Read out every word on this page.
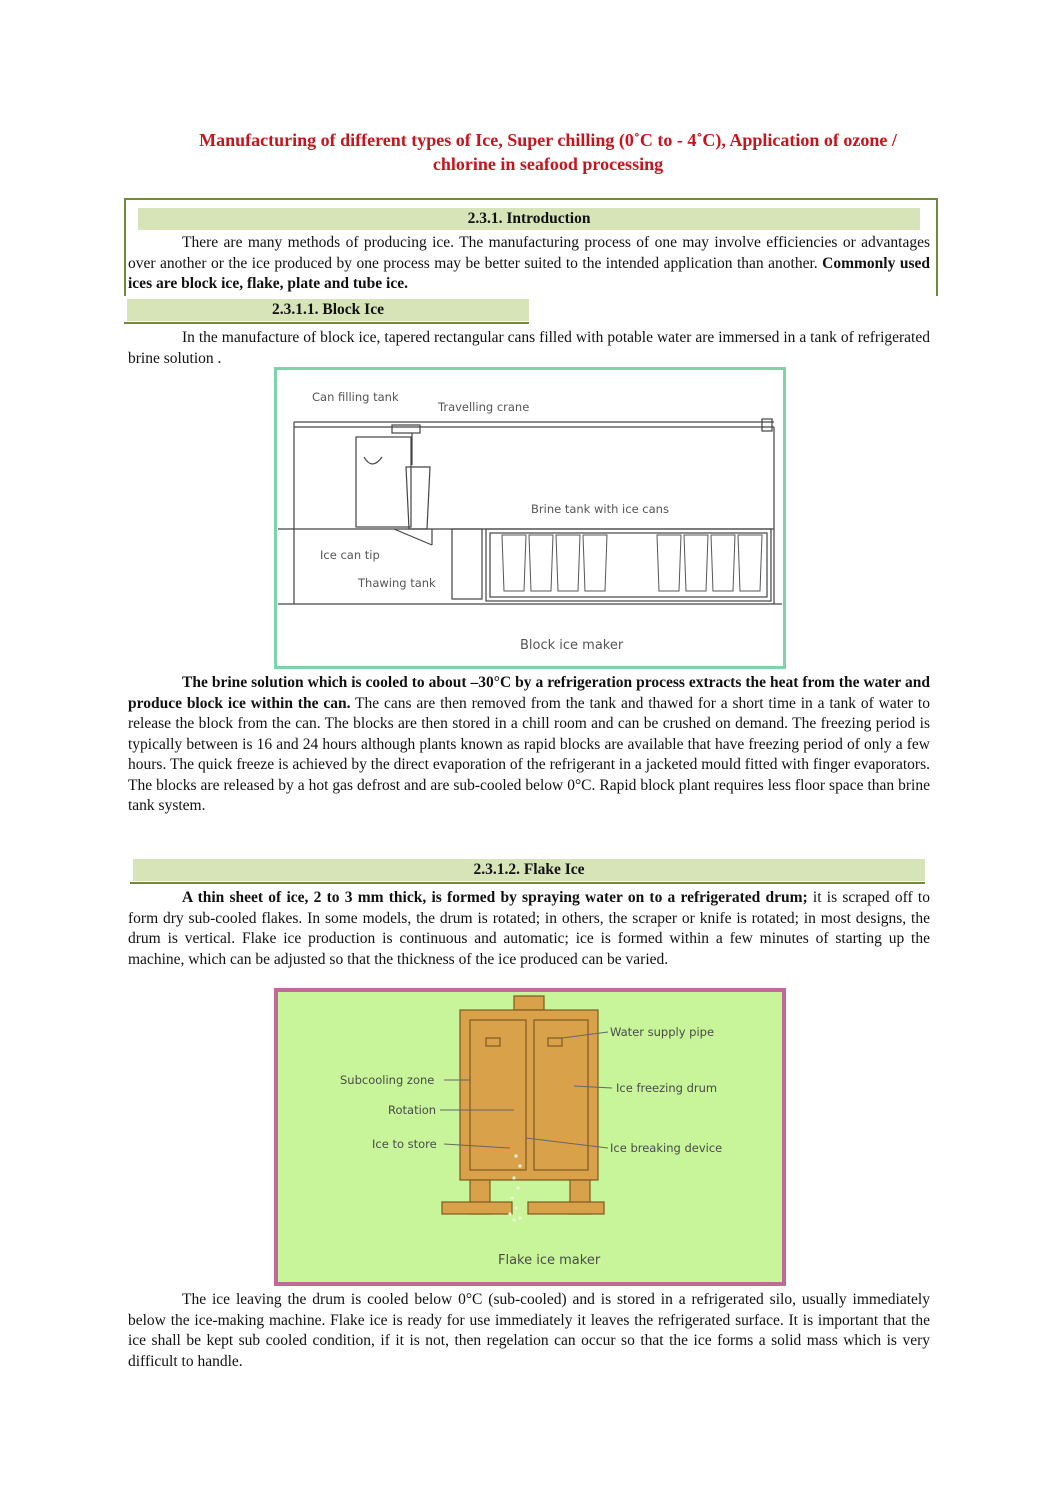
Manufacturing of different types of Ice, Super chilling (0˚C to - 4˚C), Application of ozone /
chlorine in seafood processing
2.3.1. Introduction
There are many methods of producing ice. The manufacturing process of one may involve efficiencies or advantages over another or the ice produced by one process may be better suited to the intended application than another. Commonly used ices are block ice, flake, plate and tube ice.
2.3.1.1. Block Ice
In the manufacture of block ice, tapered rectangular cans filled with potable water are immersed in a tank of refrigerated brine solution .
Can filling tank
Travelling crane
Brine tank with ice cans
Ice can tip
Thawing tank
Block ice maker
The brine solution which is cooled to about –30°C by a refrigeration process extracts the heat from the water and produce block ice within the can. The cans are then removed from the tank and thawed for a short time in a tank of water to release the block from the can. The blocks are then stored in a chill room and can be crushed on demand. The freezing period is typically between is 16 and 24 hours although plants known as rapid blocks are available that have freezing period of only a few hours. The quick freeze is achieved by the direct evaporation of the refrigerant in a jacketed mould fitted with finger evaporators. The blocks are released by a hot gas defrost and are sub-cooled below 0°C. Rapid block plant requires less floor space than brine tank system.
2.3.1.2. Flake Ice
A thin sheet of ice, 2 to 3 mm thick, is formed by spraying water on to a refrigerated drum; it is scraped off to form dry sub-cooled flakes. In some models, the drum is rotated; in others, the scraper or knife is rotated; in most designs, the drum is vertical. Flake ice production is continuous and automatic; ice is formed within a few minutes of starting up the machine, which can be adjusted so that the thickness of the ice produced can be varied.
Water supply pipe
Subcooling zone
Ice freezing drum
Rotation
Ice to store	Ice breaking device
Flake ice maker
The ice leaving the drum is cooled below 0°C (sub-cooled) and is stored in a refrigerated silo, usually immediately below the ice-making machine. Flake ice is ready for use immediately it leaves the refrigerated surface. It is important that the ice shall be kept sub cooled condition, if it is not, then regelation can occur so that the ice forms a solid mass which is very difficult to handle.
